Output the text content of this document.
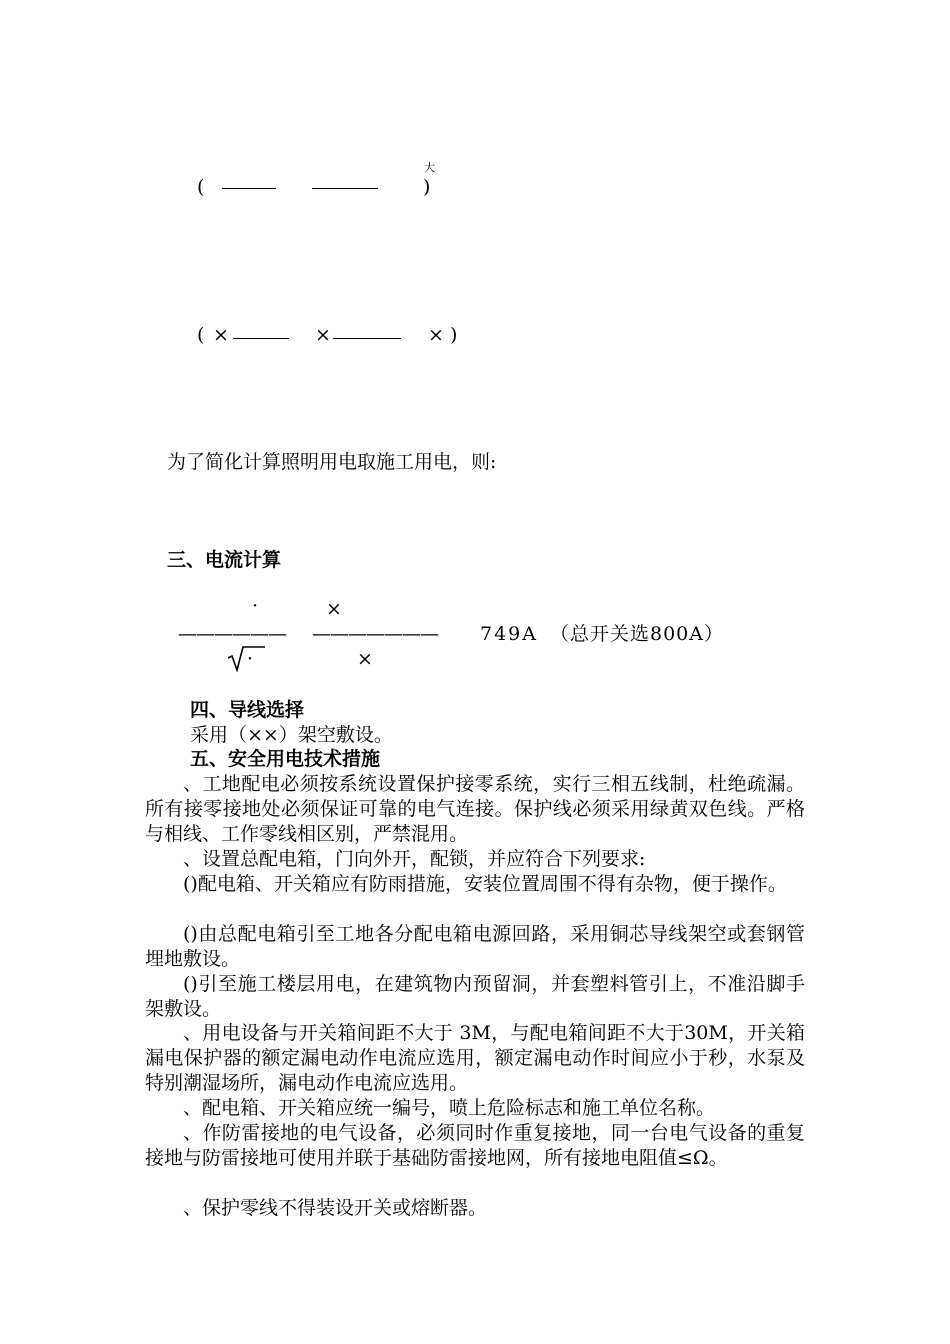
(
大
)
( ×	×	× )
为了简化计算照明用电取施工用电，则:
三、电流计算
·	×
—————— ——————— 749A （总开关选800A）
·	×
四、导线选择
采用（××）架空敷设。
五、安全用电技术措施
、工地配电必须按系统设置保护接零系统，实行三相五线制，杜绝疏漏。所有接零接地处必须保证可靠的电气连接。保护线必须采用绿黄双色线。严格与相线、工作零线相区别，严禁混用。
、设置总配电箱，门向外开，配锁，并应符合下列要求:
()配电箱、开关箱应有防雨措施，安装位置周围不得有杂物，便于操作。
()由总配电箱引至工地各分配电箱电源回路，采用铜芯导线架空或套钢管埋地敷设。
()引至施工楼层用电，在建筑物内预留洞，并套塑料管引上，不准沿脚手架敷设。
、用电设备与开关箱间距不大于 3M，与配电箱间距不大于30M，开关箱漏电保护器的额定漏电动作电流应选用，额定漏电动作时间应小于秒，水泵及特别潮湿场所，漏电动作电流应选用。
、配电箱、开关箱应统一编号，喷上危险标志和施工单位名称。
、作防雷接地的电气设备，必须同时作重复接地，同一台电气设备的重复接地与防雷接地可使用并联于基础防雷接地网，所有接地电阻值≤Ω。
、保护零线不得装设开关或熔断器。
